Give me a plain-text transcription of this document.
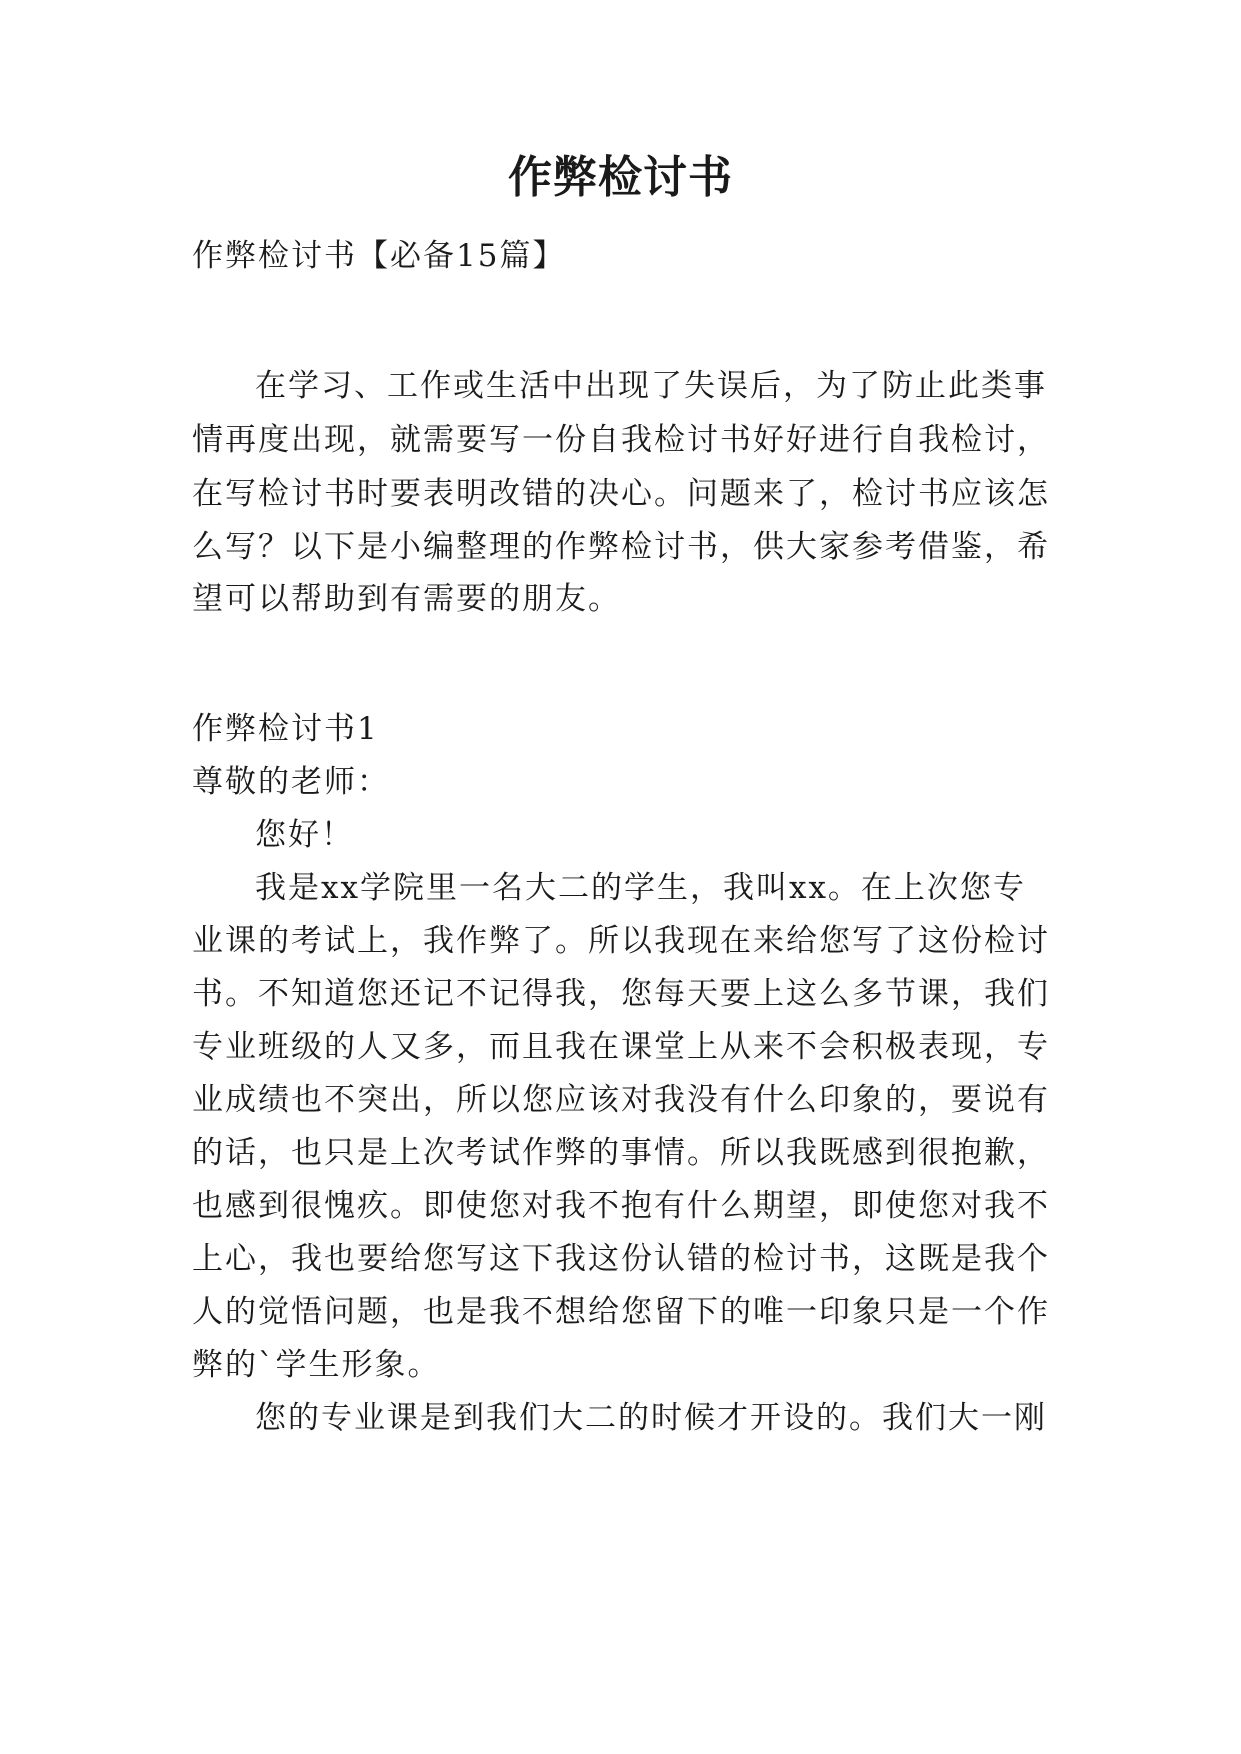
作弊检讨书
作弊检讨书【必备15篇】
在学习、工作或生活中出现了失误后，为了防止此类事
情再度出现，就需要写一份自我检讨书好好进行自我检讨，
在写检讨书时要表明改错的决心。问题来了，检讨书应该怎
么写？以下是小编整理的作弊检讨书，供大家参考借鉴，希
望可以帮助到有需要的朋友。
作弊检讨书1
尊敬的老师：
您好！
我是xx学院里一名大二的学生，我叫xx。在上次您专
业课的考试上，我作弊了。所以我现在来给您写了这份检讨
书。不知道您还记不记得我，您每天要上这么多节课，我们
专业班级的人又多，而且我在课堂上从来不会积极表现，专
业成绩也不突出，所以您应该对我没有什么印象的，要说有
的话，也只是上次考试作弊的事情。所以我既感到很抱歉，
也感到很愧疚。即使您对我不抱有什么期望，即使您对我不
上心，我也要给您写这下我这份认错的检讨书，这既是我个
人的觉悟问题，也是我不想给您留下的唯一印象只是一个作
弊的`学生形象。
您的专业课是到我们大二的时候才开设的。我们大一刚
